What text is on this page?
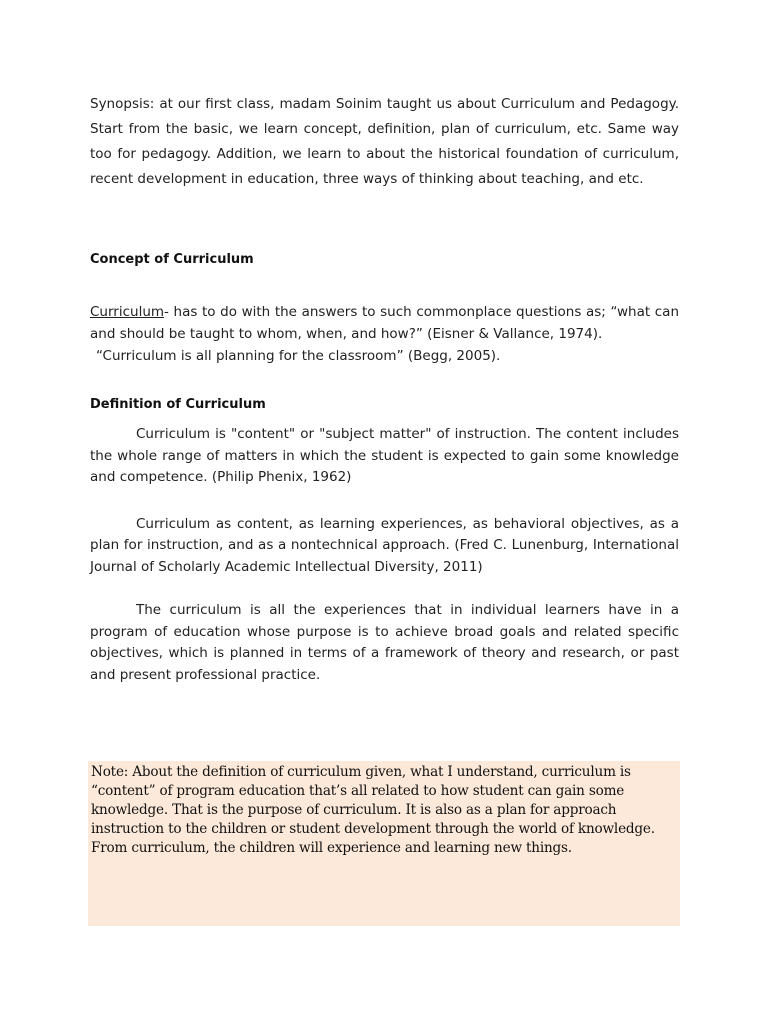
Synopsis: at our first class, madam Soinim taught us about Curriculum and Pedagogy. Start from the basic, we learn concept, definition, plan of curriculum, etc. Same way too for pedagogy. Addition, we learn to about the historical foundation of curriculum, recent development in education, three ways of thinking about teaching, and etc.

Concept of Curriculum

Curriculum- has to do with the answers to such commonplace questions as; “what can and should be taught to whom, when, and how?” (Eisner & Vallance, 1974).

“Curriculum is all planning for the classroom” (Begg, 2005).

Definition of Curriculum

Curriculum is "content" or "subject matter" of instruction. The content includes the whole range of matters in which the student is expected to gain some knowledge and competence. (Philip Phenix, 1962)

Curriculum as content, as learning experiences, as behavioral objectives, as a plan for instruction, and as a nontechnical approach. (Fred C. Lunenburg, International Journal of Scholarly Academic Intellectual Diversity, 2011)

The curriculum is all the experiences that in individual learners have in a program of education whose purpose is to achieve broad goals and related specific objectives, which is planned in terms of a framework of theory and research, or past and present professional practice.

Note: About the definition of curriculum given, what I understand, curriculum is “content” of program education that’s all related to how student can gain some knowledge. That is the purpose of curriculum. It is also as a plan for approach instruction to the children or student development through the world of knowledge. From curriculum, the children will experience and learning new things.
